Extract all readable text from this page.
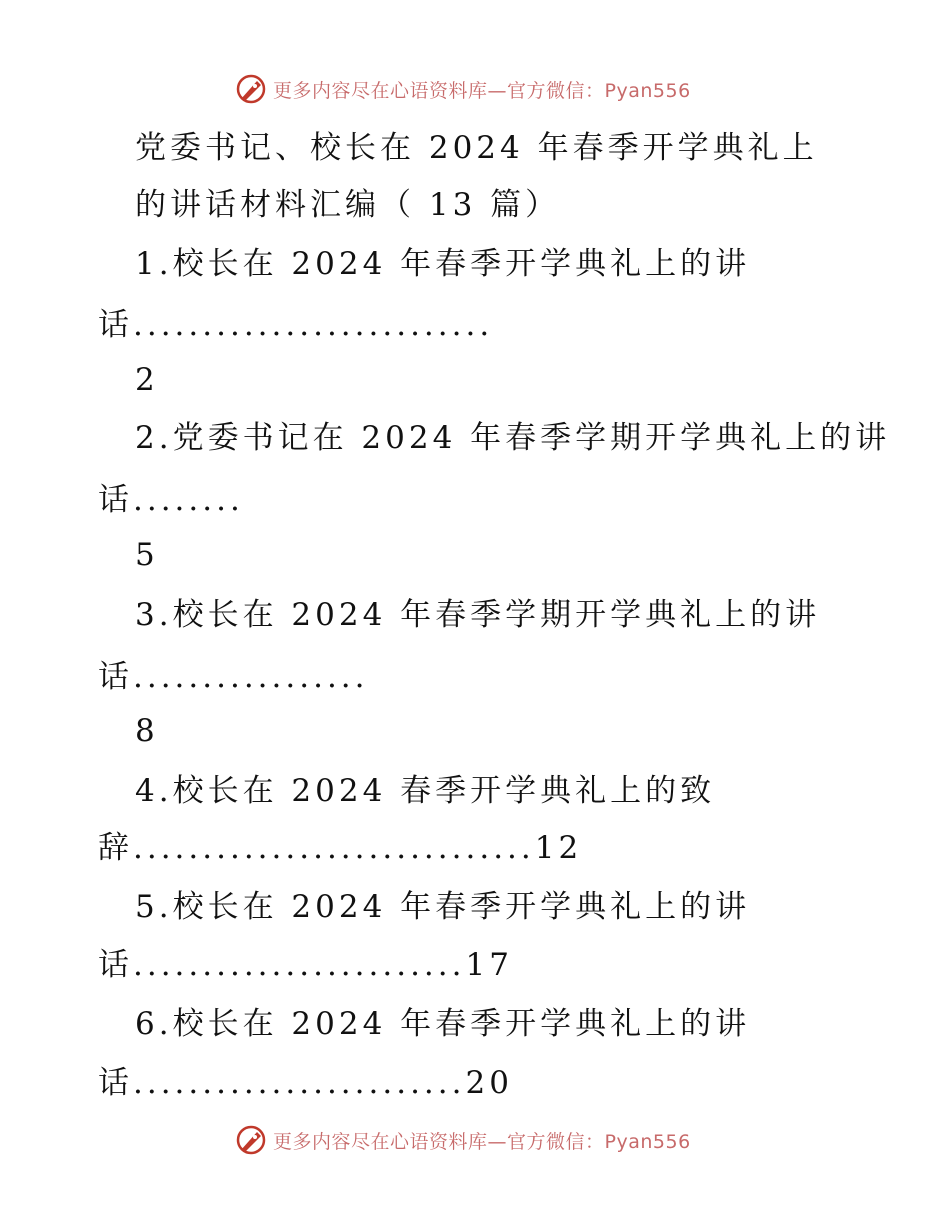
更多内容尽在心语资料库—官方微信：Pyan556
党委书记、校长在 2024 年春季开学典礼上
的讲话材料汇编（ 13 篇）
1.校长在 2024 年春季开学典礼上的讲
话..........................
2
2.党委书记在 2024 年春季学期开学典礼上的讲
话........
5
3.校长在 2024 年春季学期开学典礼上的讲
话.................
8
4.校长在 2024 春季开学典礼上的致
辞.............................12
5.校长在 2024 年春季开学典礼上的讲
话........................17
6.校长在 2024 年春季开学典礼上的讲
话........................20
更多内容尽在心语资料库—官方微信：Pyan556
